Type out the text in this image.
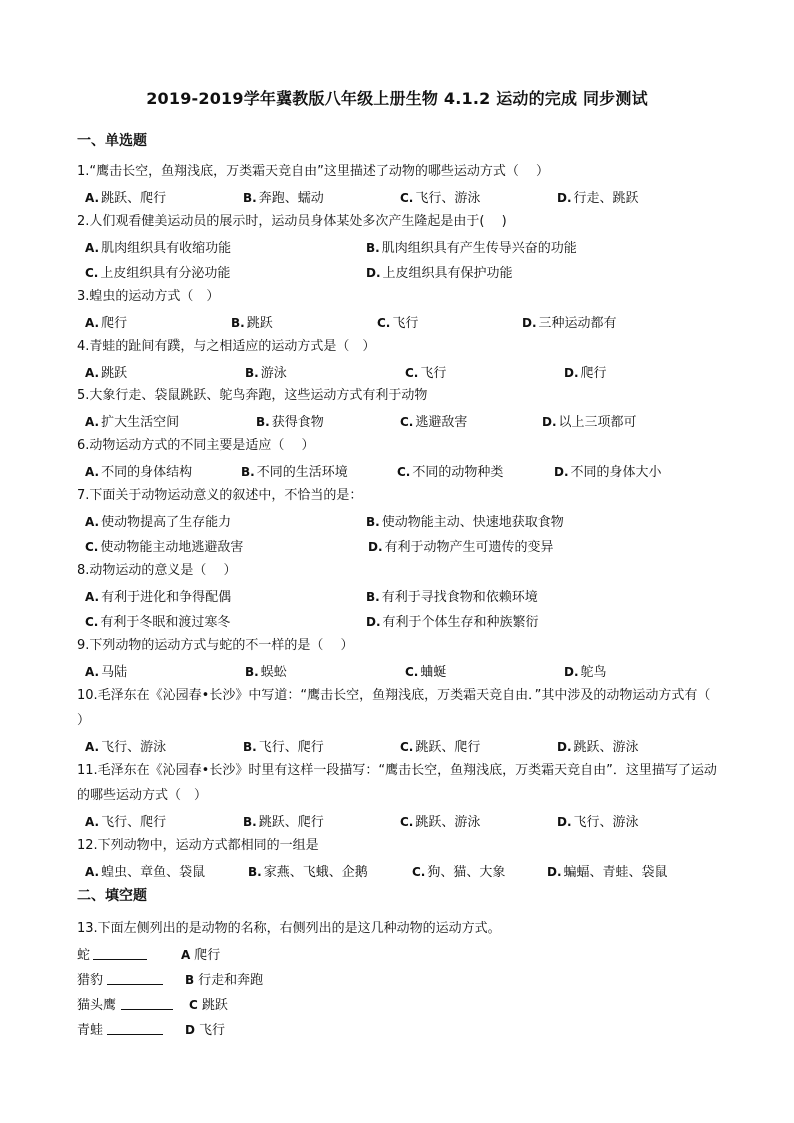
2019-2019学年冀教版八年级上册生物 4.1.2 运动的完成 同步测试
一、单选题
1.“鹰击长空，鱼翔浅底，万类霜天竞自由”这里描述了动物的哪些运动方式（　 ）
A. 跳跃、爬行	B. 奔跑、蠕动	C. 飞行、游泳	D. 行走、跳跃
2.人们观看健美运动员的展示时，运动员身体某处多次产生隆起是由于(　 )
A. 肌肉组织具有收缩功能	B. 肌肉组织具有产生传导兴奋的功能
C. 上皮组织具有分泌功能	D. 上皮组织具有保护功能
3.蝗虫的运动方式（　）
A. 爬行	B. 跳跃	C. 飞行	D. 三种运动都有
4.青蛙的趾间有蹼，与之相适应的运动方式是（　）
A. 跳跃	B. 游泳	C. 飞行	D. 爬行
5.大象行走、袋鼠跳跃、鸵鸟奔跑，这些运动方式有利于动物
A. 扩大生活空间	B. 获得食物	C. 逃避敌害	D. 以上三项都可
6.动物运动方式的不同主要是适应（　 ）
A. 不同的身体结构	B. 不同的生活环境	C. 不同的动物种类	D. 不同的身体大小
7.下面关于动物运动意义的叙述中，不恰当的是：
A. 使动物提高了生存能力	B. 使动物能主动、快速地获取食物
C. 使动物能主动地逃避敌害	D. 有利于动物产生可遗传的变异
8.动物运动的意义是（　 ）
A. 有利于进化和争得配偶	B. 有利于寻找食物和依赖环境
C. 有利于冬眠和渡过寒冬	D. 有利于个体生存和种族繁衍
9.下列动物的运动方式与蛇的不一样的是（　 ）
A. 马陆	B. 蜈蚣	C. 蛐蜒	D. 鸵鸟
10.毛泽东在《沁园春•长沙》中写道：“鹰击长空，鱼翔浅底，万类霜天竞自由．”其中涉及的动物运动方式有（　 ）
A. 飞行、游泳	B. 飞行、爬行	C. 跳跃、爬行	D. 跳跃、游泳
11.毛泽东在《沁园春•长沙》时里有这样一段描写：“鹰击长空，鱼翔浅底，万类霜天竞自由”．这里描写了运动的哪些运动方式（　）
A. 飞行、爬行	B. 跳跃、爬行	C. 跳跃、游泳	D. 飞行、游泳
12.下列动物中，运动方式都相同的一组是
A. 蝗虫、章鱼、袋鼠	B. 家燕、飞蛾、企鹅	C. 狗、猫、大象	D. 蝙蝠、青蛙、袋鼠
二、填空题
13.下面左侧列出的是动物的名称，右侧列出的是这几种动物的运动方式。
蛇	A 爬行
猎豹	B 行走和奔跑
猫头鹰	C 跳跃
青蛙	D 飞行
